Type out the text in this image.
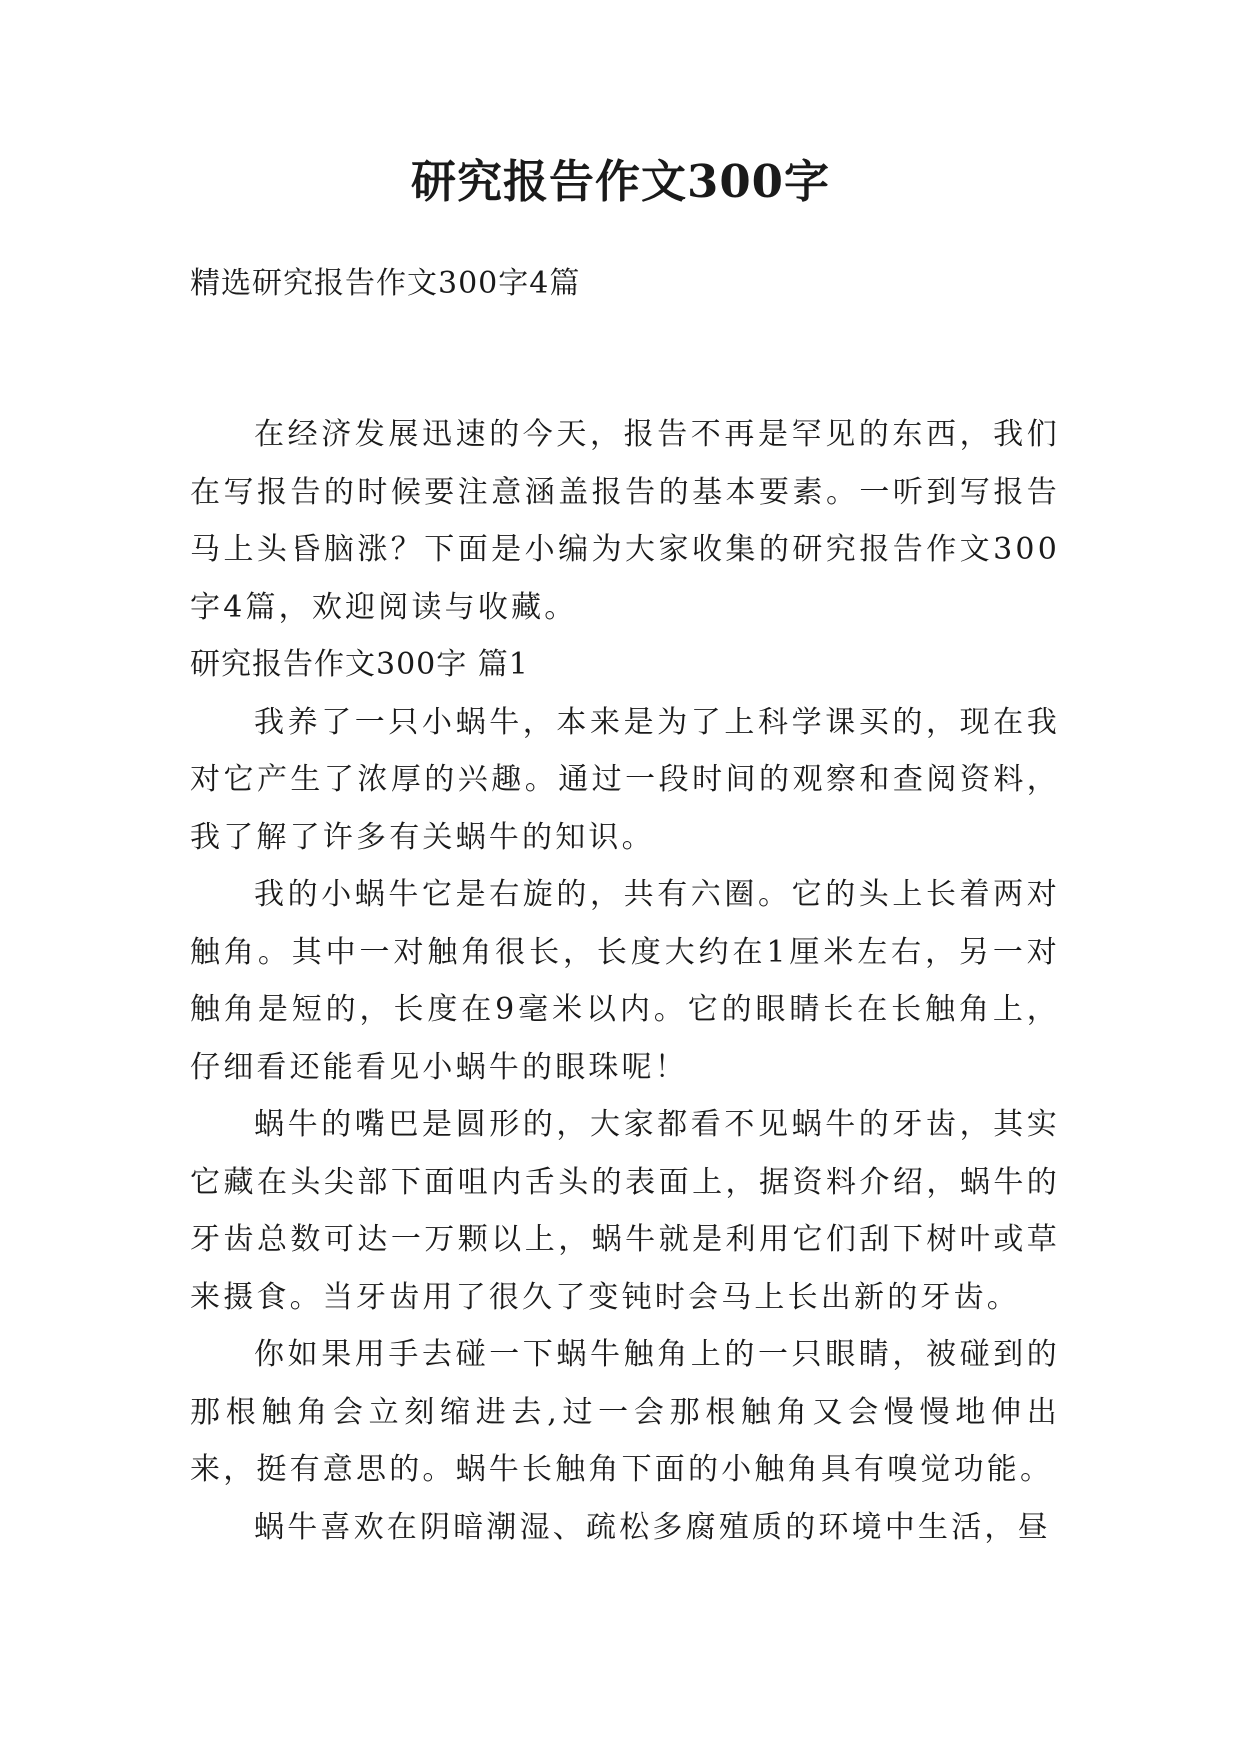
研究报告作文300字
精选研究报告作文300字4篇

在经济发展迅速的今天，报告不再是罕见的东西，我们在写报告的时候要注意涵盖报告的基本要素。一听到写报告马上头昏脑涨？下面是小编为大家收集的研究报告作文300字4篇，欢迎阅读与收藏。

研究报告作文300字 篇1

我养了一只小蜗牛，本来是为了上科学课买的，现在我对它产生了浓厚的兴趣。通过一段时间的观察和查阅资料，我了解了许多有关蜗牛的知识。

我的小蜗牛它是右旋的，共有六圈。它的头上长着两对触角。其中一对触角很长，长度大约在1厘米左右，另一对触角是短的，长度在9毫米以内。它的眼睛长在长触角上，仔细看还能看见小蜗牛的眼珠呢！

蜗牛的嘴巴是圆形的，大家都看不见蜗牛的牙齿，其实它藏在头尖部下面咀内舌头的表面上，据资料介绍，蜗牛的牙齿总数可达一万颗以上，蜗牛就是利用它们刮下树叶或草来摄食。当牙齿用了很久了变钝时会马上长出新的牙齿。

你如果用手去碰一下蜗牛触角上的一只眼睛，被碰到的那根触角会立刻缩进去,过一会那根触角又会慢慢地伸出来，挺有意思的。蜗牛长触角下面的小触角具有嗅觉功能。

蜗牛喜欢在阴暗潮湿、疏松多腐殖质的环境中生活，昼
